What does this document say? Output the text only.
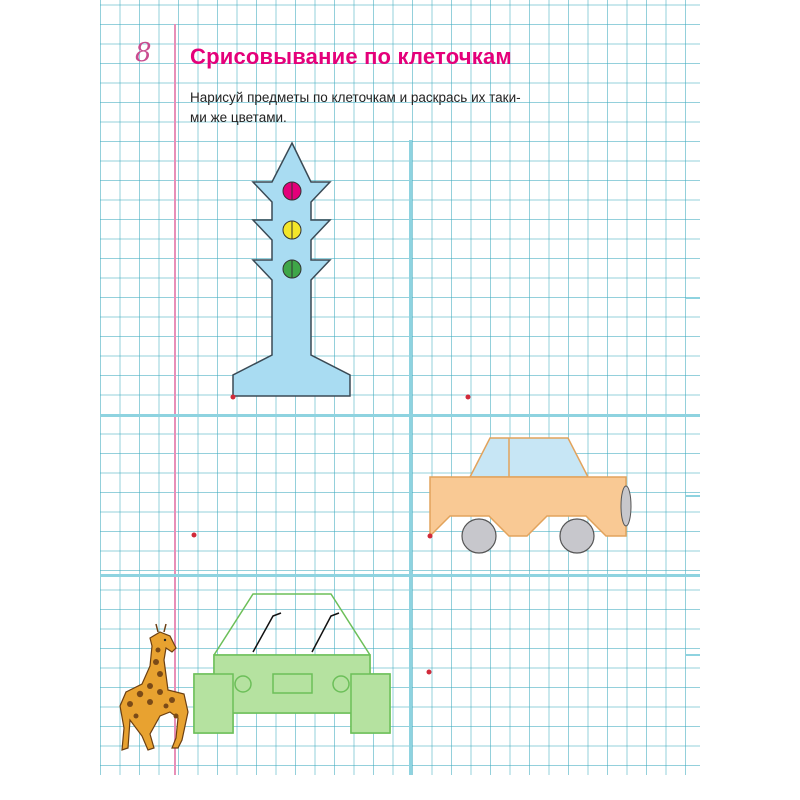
8 Срисовывание по клеточкам
Нарисуй предметы по клеточкам и раскрась их таки-
ми же цветами.
